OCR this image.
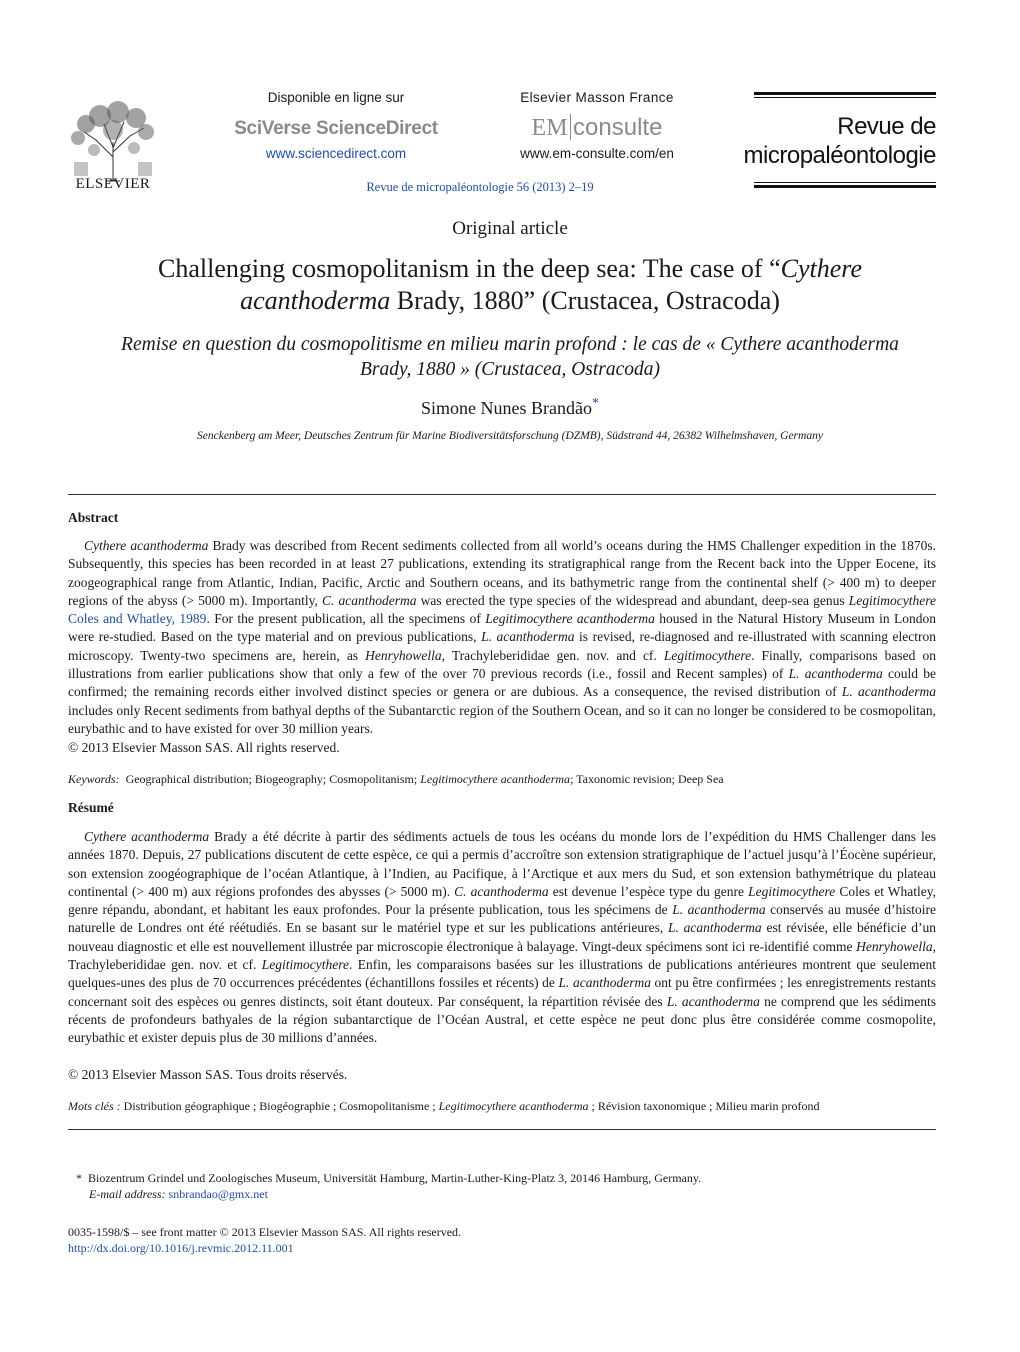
ELSEVIER
Disponible en ligne sur
SciVerse ScienceDirect
www.sciencedirect.com
Elsevier Masson France
EM consulte
www.em-consulte.com/en
Revue de
micropaléontologie
Revue de micropaléontologie 56 (2013) 2–19
Original article
Challenging cosmopolitanism in the deep sea: The case of “Cythere
acanthoderma Brady, 1880” (Crustacea, Ostracoda)
Remise en question du cosmopolitisme en milieu marin profond : le cas de « Cythere acanthoderma
Brady, 1880 » (Crustacea, Ostracoda)
Simone Nunes Brandão*
Senckenberg am Meer, Deutsches Zentrum für Marine Biodiversitätsforschung (DZMB), Südstrand 44, 26382 Wilhelmshaven, Germany
Abstract
Cythere acanthoderma Brady was described from Recent sediments collected from all world’s oceans during the HMS Challenger expedition in the 1870s. Subsequently, this species has been recorded in at least 27 publications, extending its stratigraphical range from the Recent back into the Upper Eocene, its zoogeographical range from Atlantic, Indian, Pacific, Arctic and Southern oceans, and its bathymetric range from the continental shelf (> 400 m) to deeper regions of the abyss (> 5000 m). Importantly, C. acanthoderma was erected the type species of the widespread and abundant, deep-sea genus Legitimocythere Coles and Whatley, 1989. For the present publication, all the specimens of Legitimocythere acanthoderma housed in the Natural History Museum in London were re-studied. Based on the type material and on previous publications, L. acanthoderma is revised, re-diagnosed and re-illustrated with scanning electron microscopy. Twenty-two specimens are, herein, as Henryhowella, Trachyleberididae gen. nov. and cf. Legitimocythere. Finally, comparisons based on illustrations from earlier publications show that only a few of the over 70 previous records (i.e., fossil and Recent samples) of L. acanthoderma could be confirmed; the remaining records either involved distinct species or genera or are dubious. As a consequence, the revised distribution of L. acanthoderma includes only Recent sediments from bathyal depths of the Subantarctic region of the Southern Ocean, and so it can no longer be considered to be cosmopolitan, eurybathic and to have existed for over 30 million years.
© 2013 Elsevier Masson SAS. All rights reserved.
Keywords: Geographical distribution; Biogeography; Cosmopolitanism; Legitimocythere acanthoderma; Taxonomic revision; Deep Sea
Résumé
Cythere acanthoderma Brady a été décrite à partir des sédiments actuels de tous les océans du monde lors de l’expédition du HMS Challenger dans les années 1870. Depuis, 27 publications discutent de cette espèce, ce qui a permis d’accroître son extension stratigraphique de l’actuel jusqu’à l’Éocène supérieur, son extension zoogéographique de l’océan Atlantique, à l’Indien, au Pacifique, à l’Arctique et aux mers du Sud, et son extension bathymétrique du plateau continental (> 400 m) aux régions profondes des abysses (> 5000 m). C. acanthoderma est devenue l’espèce type du genre Legitimocythere Coles et Whatley, genre répandu, abondant, et habitant les eaux profondes. Pour la présente publication, tous les spécimens de L. acanthoderma conservés au musée d’histoire naturelle de Londres ont été réétudiés. En se basant sur le matériel type et sur les publications antérieures, L. acanthoderma est révisée, elle bénéficie d’un nouveau diagnostic et elle est nouvellement illustrée par microscopie électronique à balayage. Vingt-deux spécimens sont ici re-identifié comme Henryhowella, Trachyleberididae gen. nov. et cf. Legitimocythere. Enfin, les comparaisons basées sur les illustrations de publications antérieures montrent que seulement quelques-unes des plus de 70 occurrences précédentes (échantillons fossiles et récents) de L. acanthoderma ont pu être confirmées ; les enregistrements restants concernant soit des espèces ou genres distincts, soit étant douteux. Par conséquent, la répartition révisée des L. acanthoderma ne comprend que les sédiments récents de profondeurs bathyales de la région subantarctique de l’Océan Austral, et cette espèce ne peut donc plus être considérée comme cosmopolite, eurybathic et exister depuis plus de 30 millions d’années.
© 2013 Elsevier Masson SAS. Tous droits réservés.
Mots clés : Distribution géographique ; Biogéographie ; Cosmopolitanisme ; Legitimocythere acanthoderma ; Révision taxonomique ; Milieu marin profond
* Biozentrum Grindel und Zoologisches Museum, Universität Hamburg, Martin-Luther-King-Platz 3, 20146 Hamburg, Germany.
E-mail address: snbrandao@gmx.net
0035-1598/$ – see front matter © 2013 Elsevier Masson SAS. All rights reserved.
http://dx.doi.org/10.1016/j.revmic.2012.11.001
